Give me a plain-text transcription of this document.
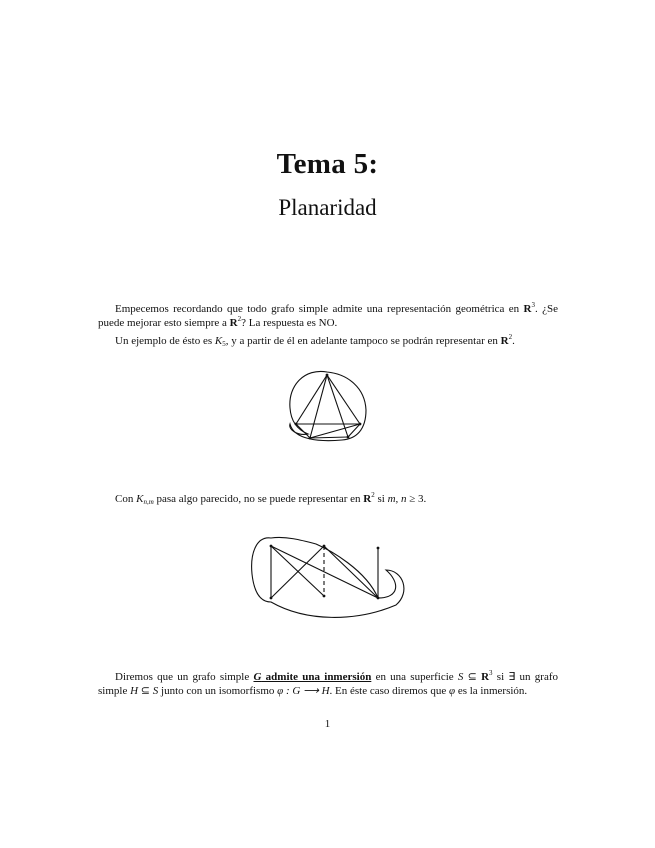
Tema 5:
Planaridad
Empecemos recordando que todo grafo simple admite una representación geométrica en $R^3$. ¿Se puede mejorar esto siempre a $R^2$? La respuesta es NO.
Un ejemplo de ésto es $K_5$, y a partir de él en adelante tampoco se podrán representar en $R^2$.
Con $K_{n,m}$ pasa algo parecido, no se puede representar en $R^2$ si m, n ≥ 3.
Diremos que un grafo simple G admite una inmersión en una superficie S ⊆ $R^3$ si ∃ un grafo simple H ⊆ S junto con un isomorfismo φ : G ⟶ H. En éste caso diremos que φ es la inmersión.
1
